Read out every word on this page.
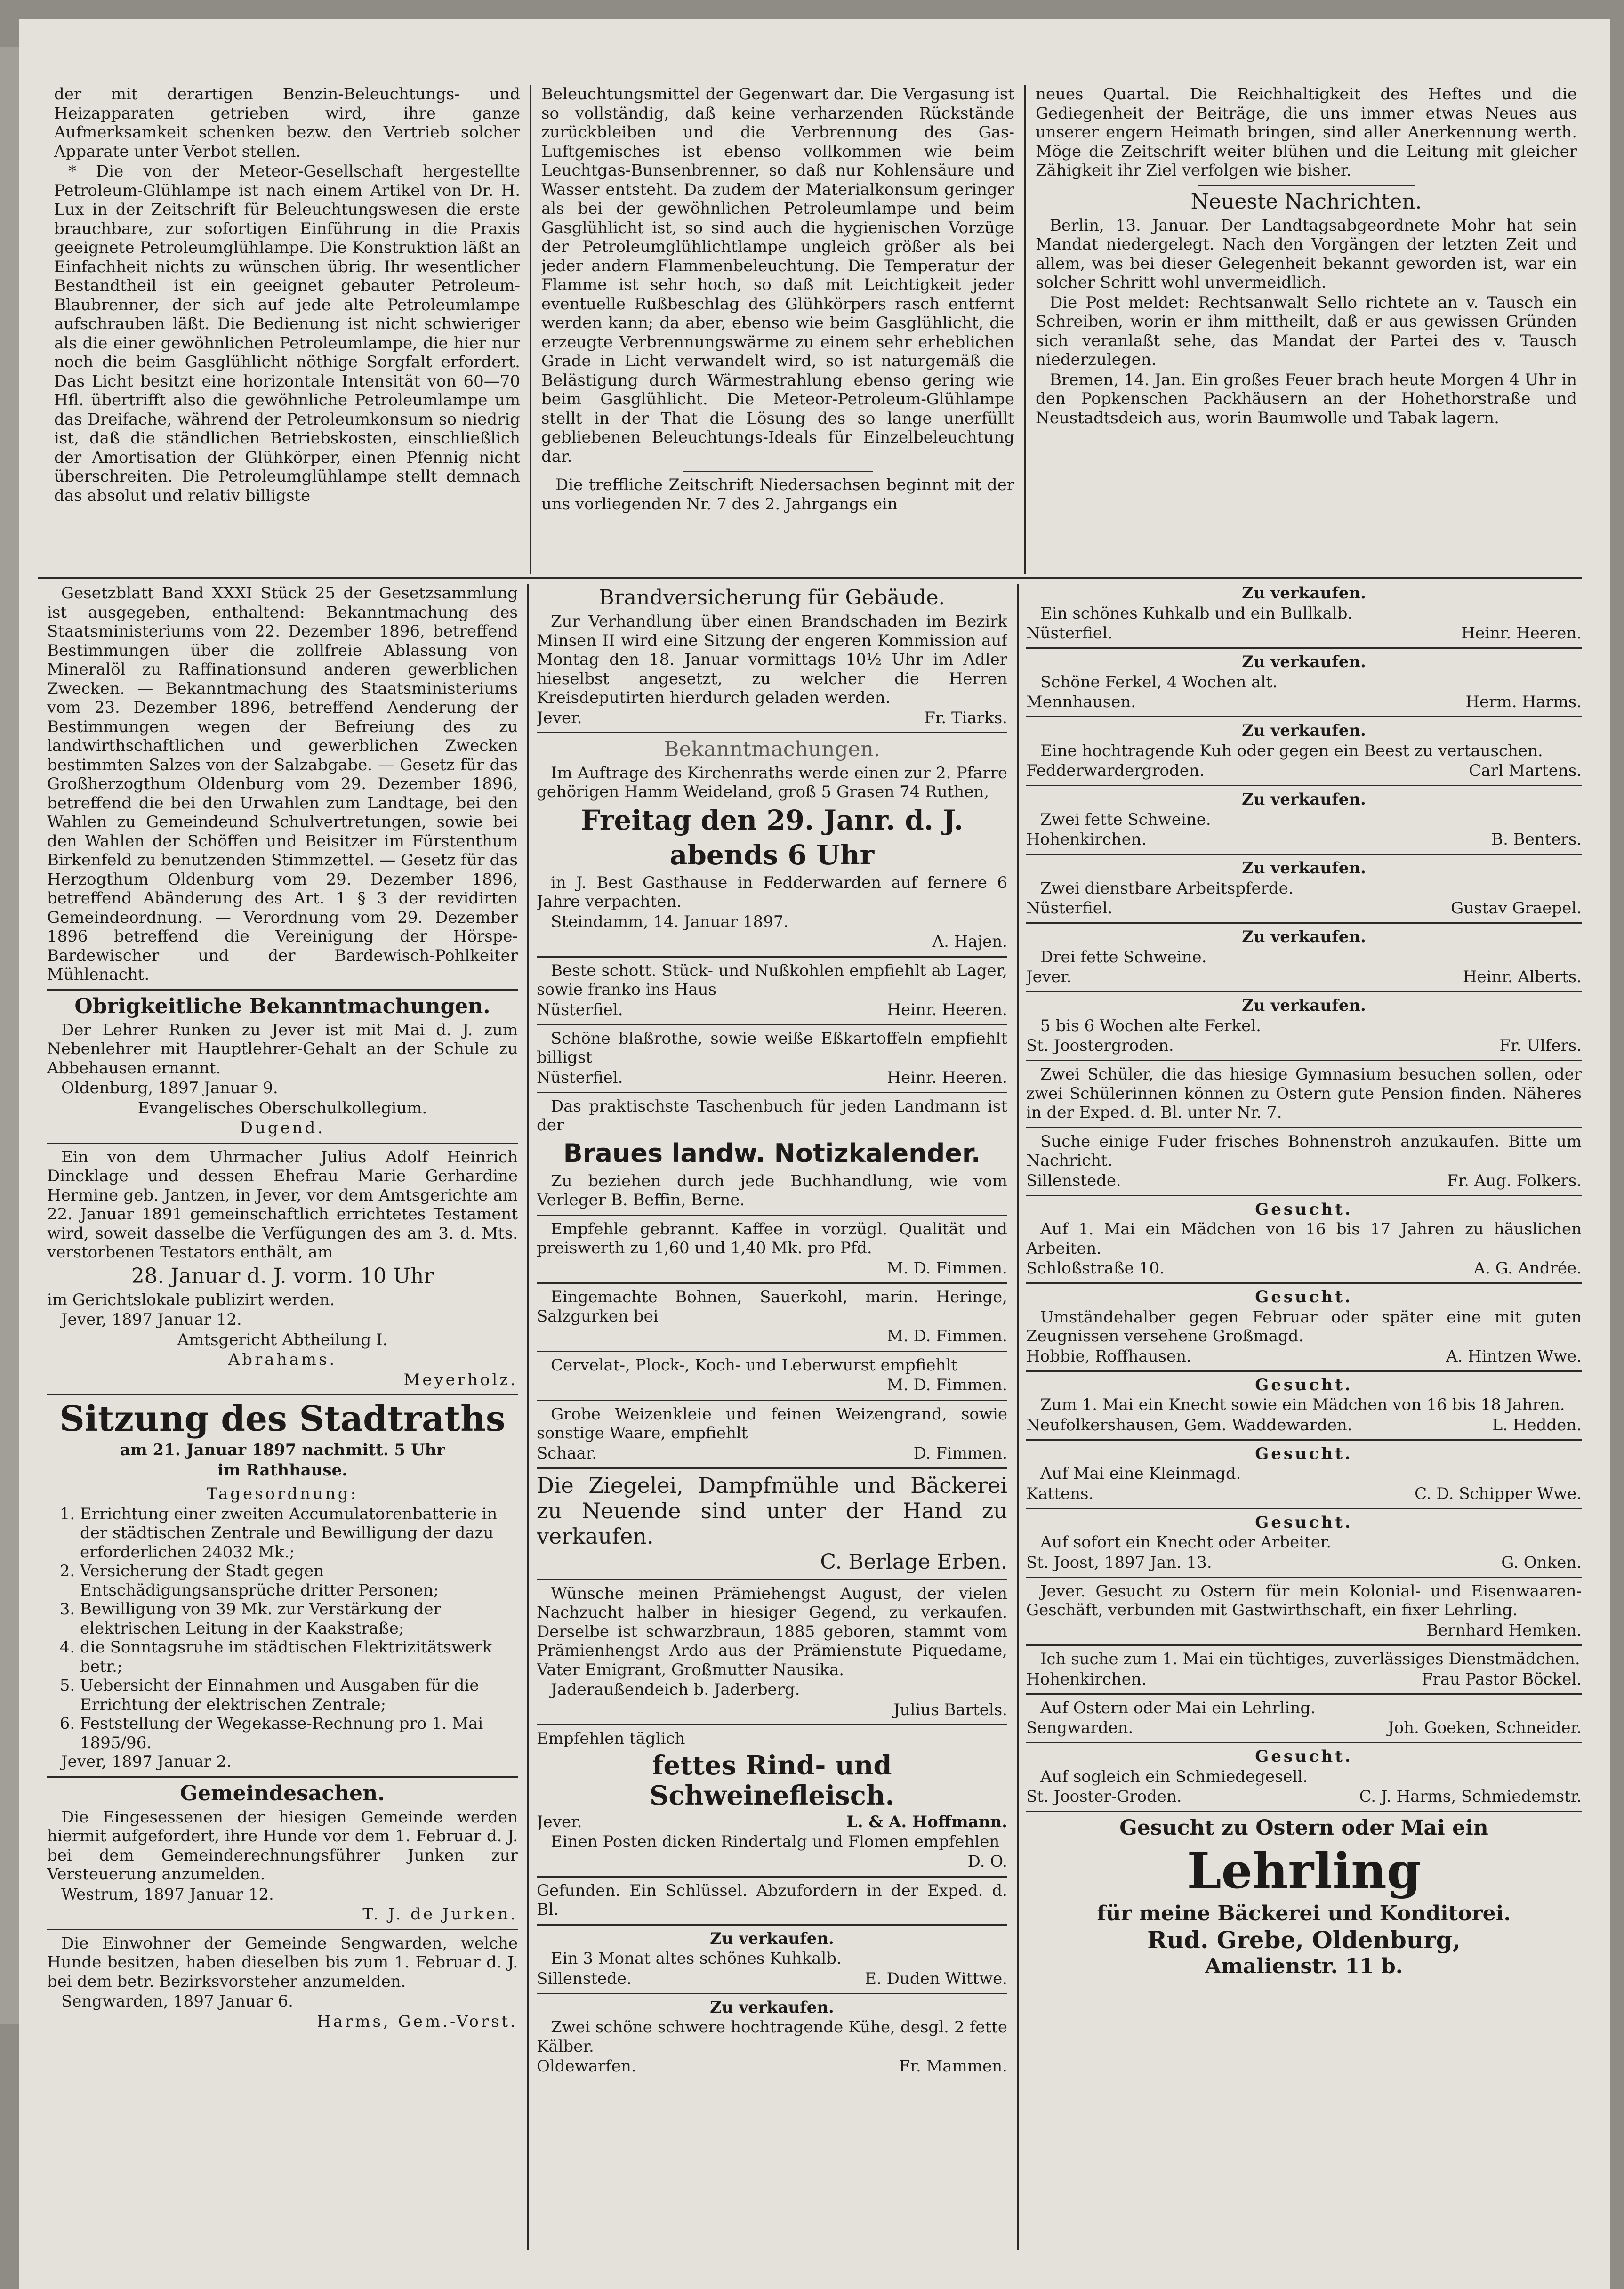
der mit derartigen Benzin-Beleuchtungs- und Heizapparaten getrieben wird, ihre ganze Aufmerksamkeit schenken bezw. den Vertrieb solcher Apparate unter Verbot stellen.

* Die von der Meteor-Gesellschaft hergestellte Petroleum-Glühlampe ist nach einem Artikel von Dr. H. Lux in der Zeitschrift für Beleuchtungswesen die erste brauchbare, zur sofortigen Einführung in die Praxis geeignete Petroleumglühlampe. Die Konstruktion läßt an Einfachheit nichts zu wünschen übrig. Ihr wesentlicher Bestandtheil ist ein geeignet gebauter Petroleum-Blaubrenner, der sich auf jede alte Petroleumlampe aufschrauben läßt. Die Bedienung ist nicht schwieriger als die einer gewöhnlichen Petroleumlampe, die hier nur noch die beim Gasglühlicht nöthige Sorgfalt erfordert. Das Licht besitzt eine horizontale Intensität von 60—70 Hfl. übertrifft also die gewöhnliche Petroleumlampe um das Dreifache, während der Petroleumkonsum so niedrig ist, daß die ständlichen Betriebskosten, einschließlich der Amortisation der Glühkörper, einen Pfennig nicht überschreiten. Die Petroleumglühlampe stellt demnach das absolut und relativ billigste

Beleuchtungsmittel der Gegenwart dar. Die Vergasung ist so vollständig, daß keine verharzenden Rückstände zurückbleiben und die Verbrennung des Gas-Luftgemisches ist ebenso vollkommen wie beim Leuchtgas-Bunsenbrenner, so daß nur Kohlensäure und Wasser entsteht. Da zudem der Materialkonsum geringer als bei der gewöhnlichen Petroleumlampe und beim Gasglühlicht ist, so sind auch die hygienischen Vorzüge der Petroleumglühlichtlampe ungleich größer als bei jeder andern Flammenbeleuchtung. Die Temperatur der Flamme ist sehr hoch, so daß mit Leichtigkeit jeder eventuelle Rußbeschlag des Glühkörpers rasch entfernt werden kann; da aber, ebenso wie beim Gasglühlicht, die erzeugte Verbrennungswärme zu einem sehr erheblichen Grade in Licht verwandelt wird, so ist naturgemäß die Belästigung durch Wärmestrahlung ebenso gering wie beim Gasglühlicht. Die Meteor-Petroleum-Glühlampe stellt in der That die Lösung des so lange unerfüllt gebliebenen Beleuchtungs-Ideals für Einzelbeleuchtung dar.

Die treffliche Zeitschrift Niedersachsen beginnt mit der uns vorliegenden Nr. 7 des 2. Jahrgangs ein

neues Quartal. Die Reichhaltigkeit des Heftes und die Gediegenheit der Beiträge, die uns immer etwas Neues aus unserer engern Heimath bringen, sind aller Anerkennung werth. Möge die Zeitschrift weiter blühen und die Leitung mit gleicher Zähigkeit ihr Ziel verfolgen wie bisher.

Neueste Nachrichten.

Berlin, 13. Januar. Der Landtagsabgeordnete Mohr hat sein Mandat niedergelegt. Nach den Vorgängen der letzten Zeit und allem, was bei dieser Gelegenheit bekannt geworden ist, war ein solcher Schritt wohl unvermeidlich.

Die Post meldet: Rechtsanwalt Sello richtete an v. Tausch ein Schreiben, worin er ihm mittheilt, daß er aus gewissen Gründen sich veranlaßt sehe, das Mandat der Partei des v. Tausch niederzulegen.

Bremen, 14. Jan. Ein großes Feuer brach heute Morgen 4 Uhr in den Popkenschen Packhäusern an der Hohethorstraße und Neustadtsdeich aus, worin Baumwolle und Tabak lagern.

Gesetzblatt Band XXXI Stück 25 der Gesetzsammlung ist ausgegeben, enthaltend: Bekanntmachung des Staatsministeriums vom 22. Dezember 1896, betreffend Bestimmungen über die zollfreie Ablassung von Mineralöl zu Raffinationsund anderen gewerblichen Zwecken. — Bekanntmachung des Staatsministeriums vom 23. Dezember 1896, betreffend Aenderung der Bestimmungen wegen der Befreiung des zu landwirthschaftlichen und gewerblichen Zwecken bestimmten Salzes von der Salzabgabe. — Gesetz für das Großherzogthum Oldenburg vom 29. Dezember 1896, betreffend die bei den Urwahlen zum Landtage, bei den Wahlen zu Gemeindeund Schulvertretungen, sowie bei den Wahlen der Schöffen und Beisitzer im Fürstenthum Birkenfeld zu benutzenden Stimmzettel. — Gesetz für das Herzogthum Oldenburg vom 29. Dezember 1896, betreffend Abänderung des Art. 1 § 3 der revidirten Gemeindeordnung. — Verordnung vom 29. Dezember 1896 betreffend die Vereinigung der Hörspe-Bardewischer und der Bardewisch-Pohlkeiter Mühlenacht.

Obrigkeitliche Bekanntmachungen.

Der Lehrer Runken zu Jever ist mit Mai d. J. zum Nebenlehrer mit Hauptlehrer-Gehalt an der Schule zu Abbehausen ernannt.

Oldenburg, 1897 Januar 9.

Evangelisches Oberschulkollegium.

Dugend.

Ein von dem Uhrmacher Julius Adolf Heinrich Dincklage und dessen Ehefrau Marie Gerhardine Hermine geb. Jantzen, in Jever, vor dem Amtsgerichte am 22. Januar 1891 gemeinschaftlich errichtetes Testament wird, soweit dasselbe die Verfügungen des am 3. d. Mts. verstorbenen Testators enthält, am

28. Januar d. J. vorm. 10 Uhr

im Gerichtslokale publizirt werden.

Jever, 1897 Januar 12.

Amtsgericht Abtheilung I.

Abrahams.

Meyerholz.

Sitzung des Stadtraths

am 21. Januar 1897 nachmitt. 5 Uhr

im Rathhause.

Tagesordnung:

1. Errichtung einer zweiten Accumulatorenbatterie in der städtischen Zentrale und Bewilligung der dazu erforderlichen 24032 Mk.;
2. Versicherung der Stadt gegen Entschädigungsansprüche dritter Personen;
3. Bewilligung von 39 Mk. zur Verstärkung der elektrischen Leitung in der Kaakstraße;
4. die Sonntagsruhe im städtischen Elektrizitätswerk betr.;
5. Uebersicht der Einnahmen und Ausgaben für die Errichtung der elektrischen Zentrale;
6. Feststellung der Wegekasse-Rechnung pro 1. Mai 1895/96.

Jever, 1897 Januar 2.

Gemeindesachen.

Die Eingesessenen der hiesigen Gemeinde werden hiermit aufgefordert, ihre Hunde vor dem 1. Februar d. J. bei dem Gemeinderechnungsführer Junken zur Versteuerung anzumelden.

Westrum, 1897 Januar 12.

T. J. de Jurken.

Die Einwohner der Gemeinde Sengwarden, welche Hunde besitzen, haben dieselben bis zum 1. Februar d. J. bei dem betr. Bezirksvorsteher anzumelden.

Sengwarden, 1897 Januar 6.

Harms, Gem.-Vorst.

Brandversicherung für Gebäude.

Zur Verhandlung über einen Brandschaden im Bezirk Minsen II wird eine Sitzung der engeren Kommission auf Montag den 18. Januar vormittags 10½ Uhr im Adler hieselbst angesetzt, zu welcher die Herren Kreisdeputirten hierdurch geladen werden.

Jever.	Fr. Tiarks.
Bekanntmachungen.

Im Auftrage des Kirchenraths werde einen zur 2. Pfarre gehörigen Hamm Weideland, groß 5 Grasen 74 Ruthen,

Freitag den 29. Janr. d. J.
abends 6 Uhr

in J. Best Gasthause in Fedderwarden auf fernere 6 Jahre verpachten.

Steindamm, 14. Januar 1897.

A. Hajen.

Beste schott. Stück- und Nußkohlen empfiehlt ab Lager, sowie franko ins Haus

Nüsterfiel.	Heinr. Heeren.

Schöne blaßrothe, sowie weiße Eßkartoffeln empfiehlt billigst

Nüsterfiel.	Heinr. Heeren.

Das praktischste Taschenbuch für jeden Landmann ist der

Braues landw. Notizkalender.

Zu beziehen durch jede Buchhandlung, wie vom Verleger B. Beffin, Berne.

Empfehle gebrannt. Kaffee in vorzügl. Qualität und preiswerth zu 1,60 und 1,40 Mk. pro Pfd.

M. D. Fimmen.

Eingemachte Bohnen, Sauerkohl, marin. Heringe, Salzgurken bei

M. D. Fimmen.

Cervelat-, Plock-, Koch- und Leberwurst empfiehlt

M. D. Fimmen.

Grobe Weizenkleie und feinen Weizengrand, sowie sonstige Waare, empfiehlt

Schaar.	D. Fimmen.

Die Ziegelei, Dampfmühle und Bäckerei zu Neuende sind unter der Hand zu verkaufen.

C. Berlage Erben.

Wünsche meinen Prämiehengst August, der vielen Nachzucht halber in hiesiger Gegend, zu verkaufen. Derselbe ist schwarzbraun, 1885 geboren, stammt vom Prämienhengst Ardo aus der Prämienstute Piquedame, Vater Emigrant, Großmutter Nausika.

Jaderaußendeich b. Jaderberg.

Julius Bartels.

Empfehlen täglich

fettes Rind- und Schweinefleisch.
Jever.	L. & A. Hoffmann.

Einen Posten dicken Rindertalg und Flomen empfehlen

D. O.

Gefunden. Ein Schlüssel. Abzufordern in der Exped. d. Bl.

Zu verkaufen.

Ein 3 Monat altes schönes Kuhkalb.

Sillenstede.	E. Duden Wittwe.

Zu verkaufen.

Zwei schöne schwere hochtragende Kühe, desgl. 2 fette Kälber.

Oldewarfen.	Fr. Mammen.

Zu verkaufen.

Ein schönes Kuhkalb und ein Bullkalb.

Nüsterfiel.	Heinr. Heeren.

Zu verkaufen.

Schöne Ferkel, 4 Wochen alt.

Mennhausen.	Herm. Harms.

Zu verkaufen.

Eine hochtragende Kuh oder gegen ein Beest zu vertauschen.

Fedderwardergroden.	Carl Martens.

Zu verkaufen.

Zwei fette Schweine.

Hohenkirchen.	B. Benters.

Zu verkaufen.

Zwei dienstbare Arbeitspferde.

Nüsterfiel.	Gustav Graepel.

Zu verkaufen.

Drei fette Schweine.

Jever.	Heinr. Alberts.

Zu verkaufen.

5 bis 6 Wochen alte Ferkel.

St. Joostergroden.	Fr. Ulfers.

Zwei Schüler, die das hiesige Gymnasium besuchen sollen, oder zwei Schülerinnen können zu Ostern gute Pension finden. Näheres in der Exped. d. Bl. unter Nr. 7.

Suche einige Fuder frisches Bohnenstroh anzukaufen. Bitte um Nachricht.

Sillenstede.	Fr. Aug. Folkers.

Gesucht.

Auf 1. Mai ein Mädchen von 16 bis 17 Jahren zu häuslichen Arbeiten.

Schloßstraße 10.	A. G. Andrée.

Gesucht.

Umständehalber gegen Februar oder später eine mit guten Zeugnissen versehene Großmagd.

Hobbie, Roffhausen.	A. Hintzen Wwe.

Gesucht.

Zum 1. Mai ein Knecht sowie ein Mädchen von 16 bis 18 Jahren.

Neufolkershausen, Gem. Waddewarden.	L. Hedden.

Gesucht.

Auf Mai eine Kleinmagd.

Kattens.	C. D. Schipper Wwe.

Gesucht.

Auf sofort ein Knecht oder Arbeiter.

St. Joost, 1897 Jan. 13.	G. Onken.

Jever. Gesucht zu Ostern für mein Kolonial- und Eisenwaaren-Geschäft, verbunden mit Gastwirthschaft, ein fixer Lehrling.

Bernhard Hemken.

Ich suche zum 1. Mai ein tüchtiges, zuverlässiges Dienstmädchen.

Hohenkirchen.	Frau Pastor Böckel.

Auf Ostern oder Mai ein Lehrling.

Sengwarden.	Joh. Goeken, Schneider.

Gesucht.

Auf sogleich ein Schmiedegesell.

St. Jooster-Groden.	C. J. Harms, Schmiedemstr.
Gesucht zu Ostern oder Mai ein
Lehrling
für meine Bäckerei und Konditorei.
Rud. Grebe, Oldenburg,
Amalienstr. 11 b.
